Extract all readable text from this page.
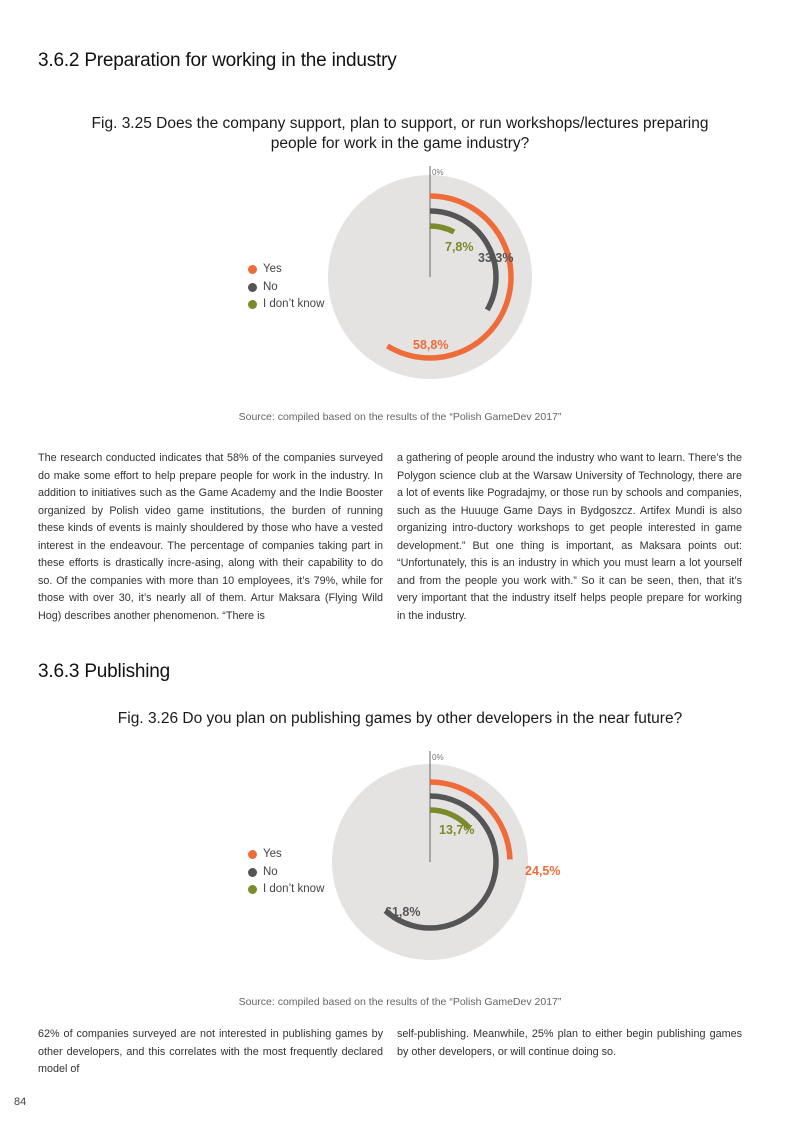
3.6.2 Preparation for working in the industry

Fig. 3.25 Does the company support, plan to support, or run workshops/lectures preparing people for work in the game industry?

0%
58,8%
33,3%
7,8%
Yes
No
I don’t know
Source: compiled based on the results of the “Polish GameDev 2017”

The research conducted indicates that 58% of the companies surveyed do make some effort to help prepare people for work in the industry. In addition to initiatives such as the Game Academy and the Indie Booster organized by Polish video game institutions, the burden of running these kinds of events is mainly shouldered by those who have a vested interest in the endeavour. The percentage of companies taking part in these efforts is drastically incre-asing, along with their capability to do so. Of the companies with more than 10 employees, it’s 79%, while for those with over 30, it’s nearly all of them. Artur Maksara (Flying Wild Hog) describes another phenomenon. “There is

a gathering of people around the industry who want to learn. There’s the Polygon science club at the Warsaw University of Technology, there are a lot of events like Pogradajmy, or those run by schools and companies, such as the Huuuge Game Days in Bydgoszcz. Artifex Mundi is also organizing intro-ductory workshops to get people interested in game development.” But one thing is important, as Maksara points out: “Unfortunately, this is an industry in which you must learn a lot yourself and from the people you work with.” So it can be seen, then, that it’s very important that the industry itself helps people prepare for working in the industry.

3.6.3 Publishing

Fig. 3.26 Do you plan on publishing games by other developers in the near future?

0%
24,5%
61,8%
13,7%
Yes
No
I don’t know
Source: compiled based on the results of the “Polish GameDev 2017”

62% of companies surveyed are not interested in publishing games by other developers, and this correlates with the most frequently declared model of

self-publishing. Meanwhile, 25% plan to either begin publishing games by other developers, or will continue doing so.

84
